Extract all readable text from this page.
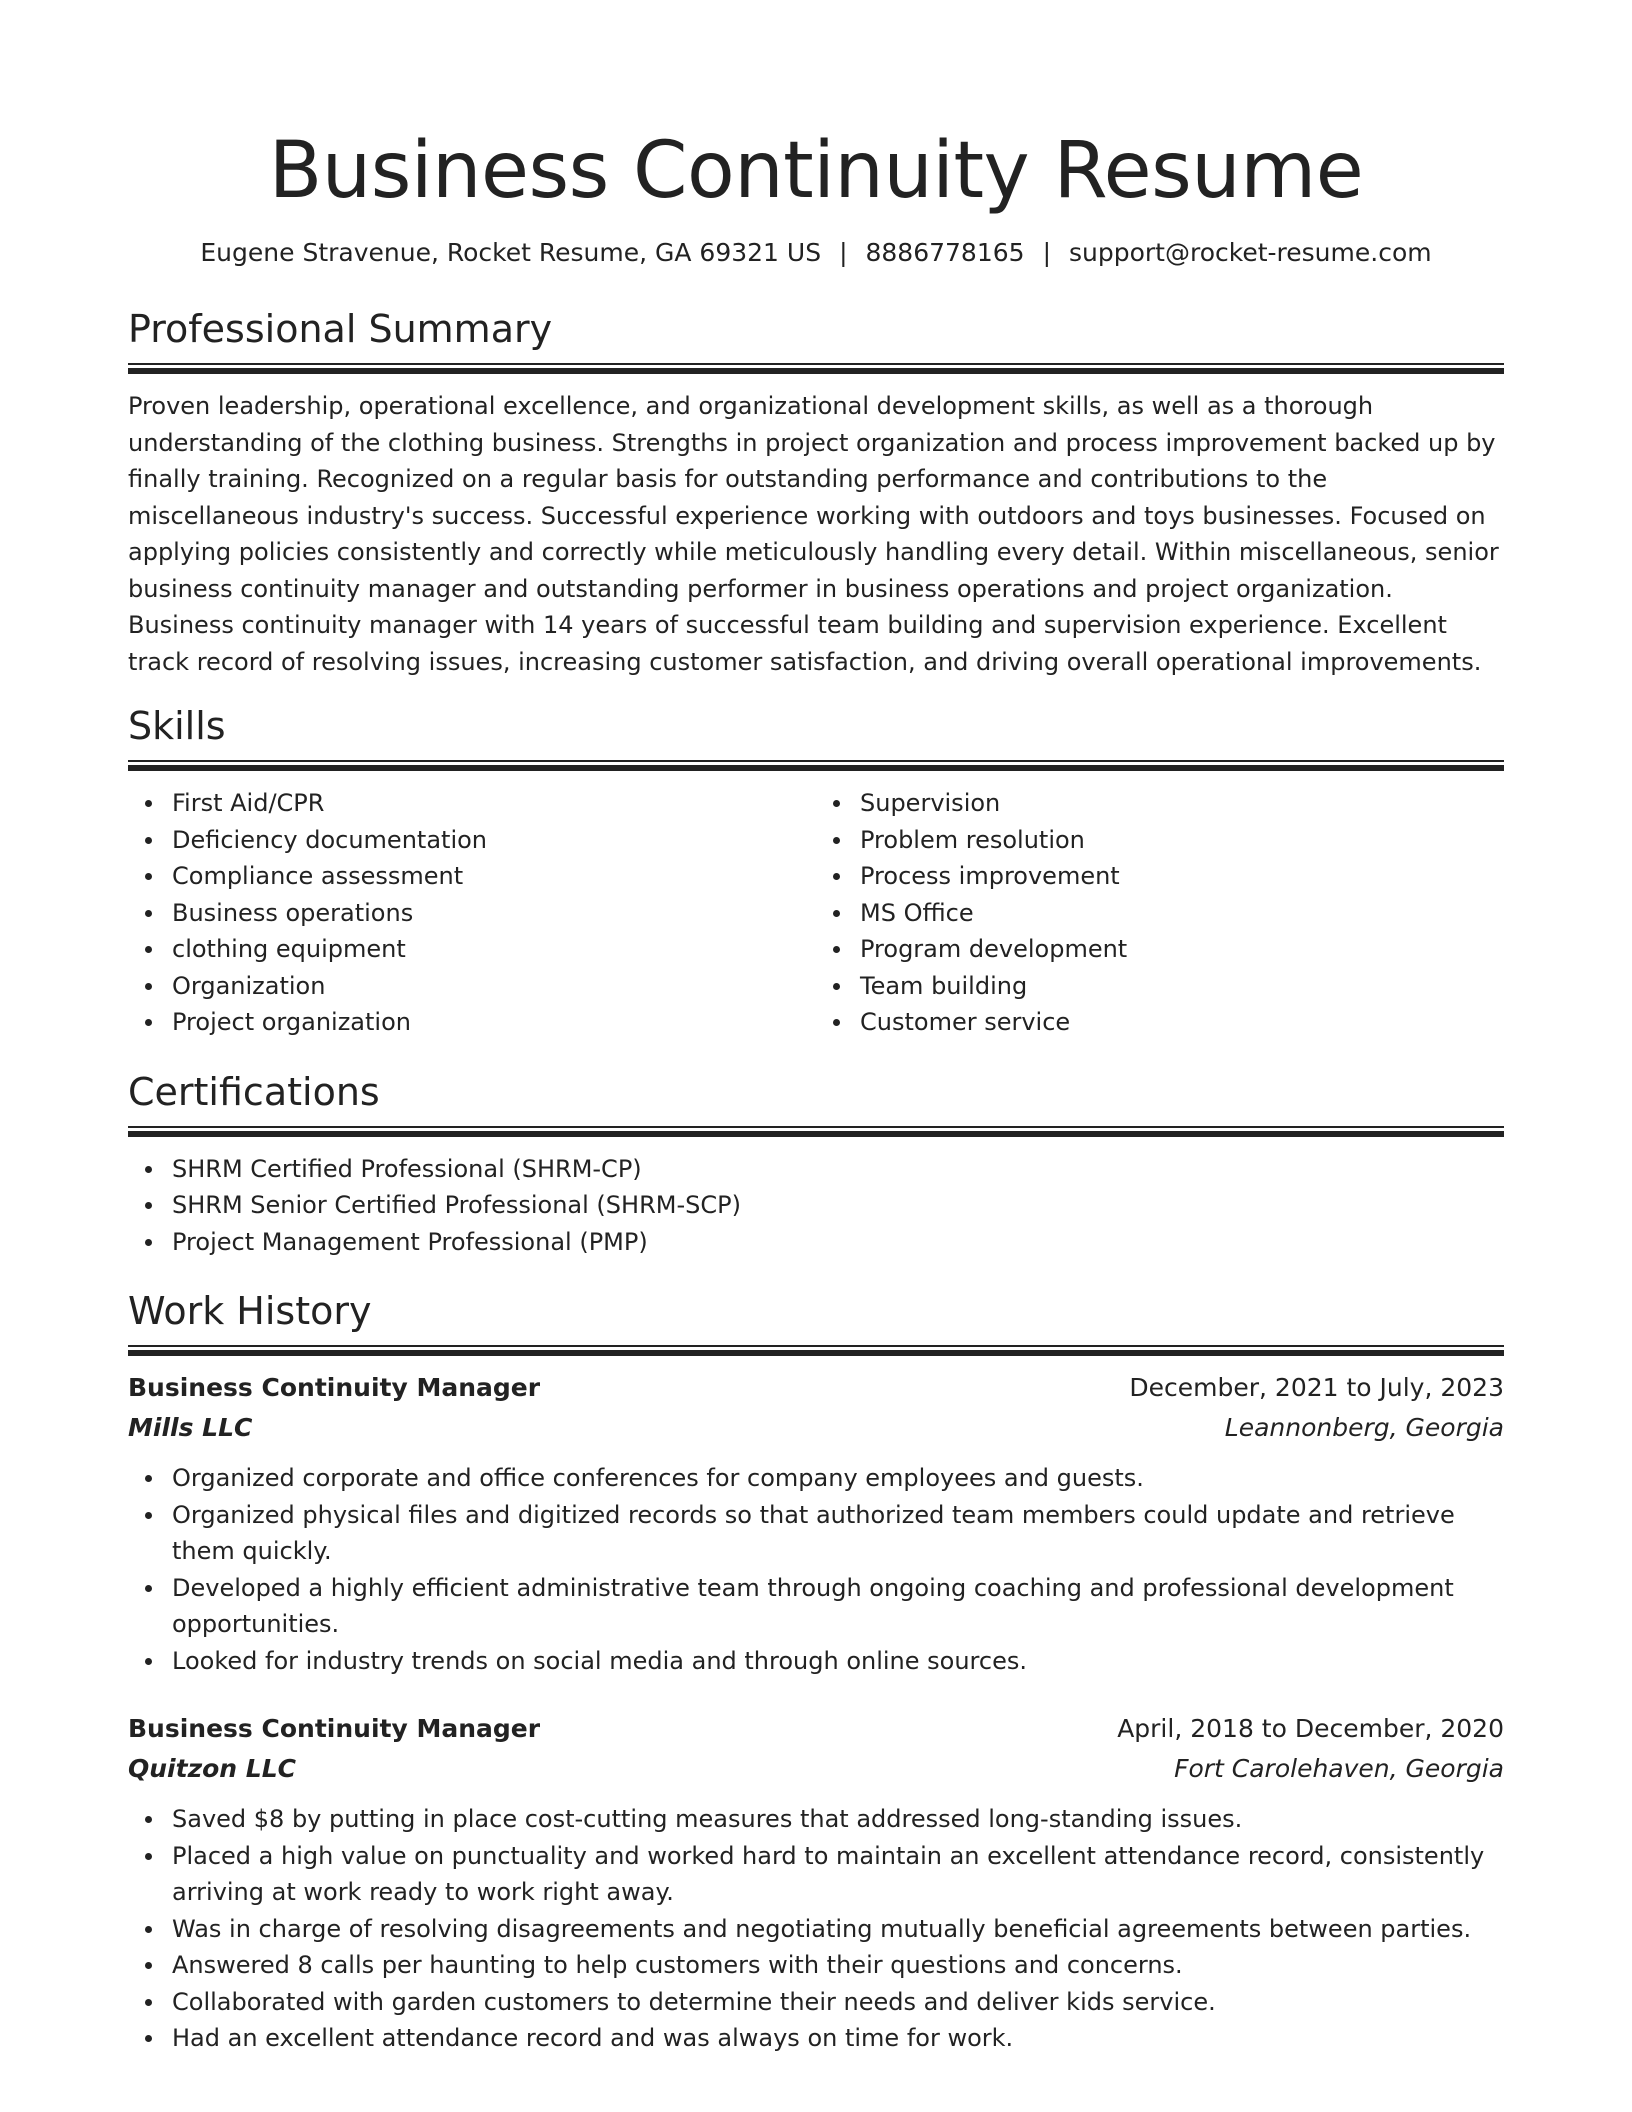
Business Continuity Resume
Eugene Stravenue, Rocket Resume, GA 69321 US | 8886778165 | support@rocket-resume.com
Professional Summary

Proven leadership, operational excellence, and organizational development skills, as well as a thorough understanding of the clothing business. Strengths in project organization and process improvement backed up by finally training. Recognized on a regular basis for outstanding performance and contributions to the miscellaneous industry's success. Successful experience working with outdoors and toys businesses. Focused on applying policies consistently and correctly while meticulously handling every detail. Within miscellaneous, senior business continuity manager and outstanding performer in business operations and project organization. Business continuity manager with 14 years of successful team building and supervision experience. Excellent track record of resolving issues, increasing customer satisfaction, and driving overall operational improvements.

Skills
First Aid/CPR
Deficiency documentation
Compliance assessment
Business operations
clothing equipment
Organization
Project organization
Supervision
Problem resolution
Process improvement
MS Office
Program development
Team building
Customer service
Certifications
SHRM Certified Professional (SHRM-CP)
SHRM Senior Certified Professional (SHRM-SCP)
Project Management Professional (PMP)
Work History
Business Continuity Manager	December, 2021 to July, 2023
Mills LLC	Leannonberg, Georgia
Organized corporate and office conferences for company employees and guests.
Organized physical files and digitized records so that authorized team members could update and retrieve them quickly.
Developed a highly efficient administrative team through ongoing coaching and professional development opportunities.
Looked for industry trends on social media and through online sources.
Business Continuity Manager	April, 2018 to December, 2020
Quitzon LLC	Fort Carolehaven, Georgia
Saved $8 by putting in place cost-cutting measures that addressed long-standing issues.
Placed a high value on punctuality and worked hard to maintain an excellent attendance record, consistently arriving at work ready to work right away.
Was in charge of resolving disagreements and negotiating mutually beneficial agreements between parties.
Answered 8 calls per haunting to help customers with their questions and concerns.
Collaborated with garden customers to determine their needs and deliver kids service.
Had an excellent attendance record and was always on time for work.
